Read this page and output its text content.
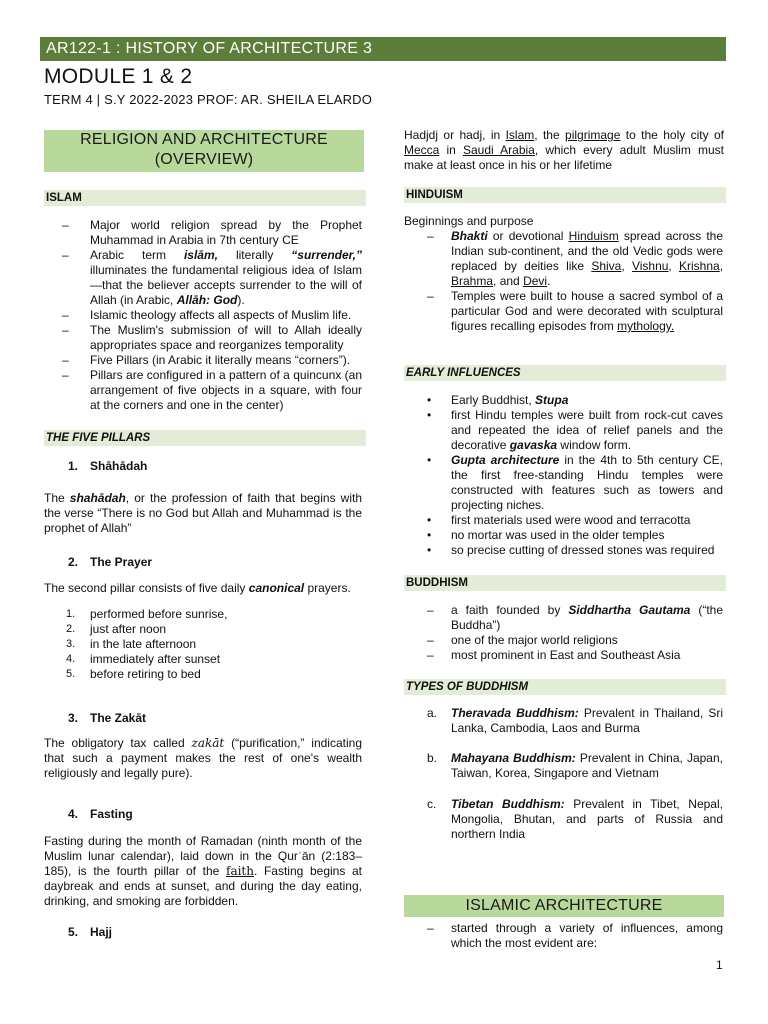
AR122-1 : HISTORY OF ARCHITECTURE 3
MODULE 1 & 2
TERM 4 | S.Y 2022-2023 PROF: AR. SHEILA ELARDO
RELIGION AND ARCHITECTURE
(OVERVIEW)
ISLAM
– Major world religion spread by the Prophet Muhammad in Arabia in 7th century CE
– Arabic term islām, literally “surrender,” illuminates the fundamental religious idea of Islam—that the believer accepts surrender to the will of Allah (in Arabic, Allāh: God).
– Islamic theology affects all aspects of Muslim life.
– The Muslim's submission of will to Allah ideally appropriates space and reorganizes temporality
– Five Pillars (in Arabic it literally means “corners”).
– Pillars are configured in a pattern of a quincunx (an arrangement of five objects in a square, with four at the corners and one in the center)
THE FIVE PILLARS
1. Shāhādah
The shahādah, or the profession of faith that begins with the verse “There is no God but Allah and Muhammad is the prophet of Allah”
2. The Prayer
The second pillar consists of five daily canonical prayers.
1. performed before sunrise,
2. just after noon
3. in the late afternoon
4. immediately after sunset
5. before retiring to bed
3. The Zakāt
The obligatory tax called zakāt (“purification,” indicating that such a payment makes the rest of one's wealth religiously and legally pure).
4. Fasting
Fasting during the month of Ramadan (ninth month of the Muslim lunar calendar), laid down in the Qurʾān (2:183–185), is the fourth pillar of the faith. Fasting begins at daybreak and ends at sunset, and during the day eating, drinking, and smoking are forbidden.
5. Hajj
Hadjdj or hadj, in Islam, the pilgrimage to the holy city of Mecca in Saudi Arabia, which every adult Muslim must make at least once in his or her lifetime
HINDUISM
Beginnings and purpose
– Bhakti or devotional Hinduism spread across the Indian sub-continent, and the old Vedic gods were replaced by deities like Shiva, Vishnu, Krishna, Brahma, and Devi.
– Temples were built to house a sacred symbol of a particular God and were decorated with sculptural figures recalling episodes from mythology.
EARLY INFLUENCES
• Early Buddhist, Stupa
• first Hindu temples were built from rock-cut caves and repeated the idea of relief panels and the decorative gavaska window form.
• Gupta architecture in the 4th to 5th century CE, the first free-standing Hindu temples were constructed with features such as towers and projecting niches.
• first materials used were wood and terracotta
• no mortar was used in the older temples
• so precise cutting of dressed stones was required
BUDDHISM
– a faith founded by Siddhartha Gautama (“the Buddha”)
– one of the major world religions
– most prominent in East and Southeast Asia
TYPES OF BUDDHISM
a. Theravada Buddhism: Prevalent in Thailand, Sri Lanka, Cambodia, Laos and Burma
b. Mahayana Buddhism: Prevalent in China, Japan, Taiwan, Korea, Singapore and Vietnam
c. Tibetan Buddhism: Prevalent in Tibet, Nepal, Mongolia, Bhutan, and parts of Russia and northern India
ISLAMIC ARCHITECTURE
– started through a variety of influences, among which the most evident are:
1
